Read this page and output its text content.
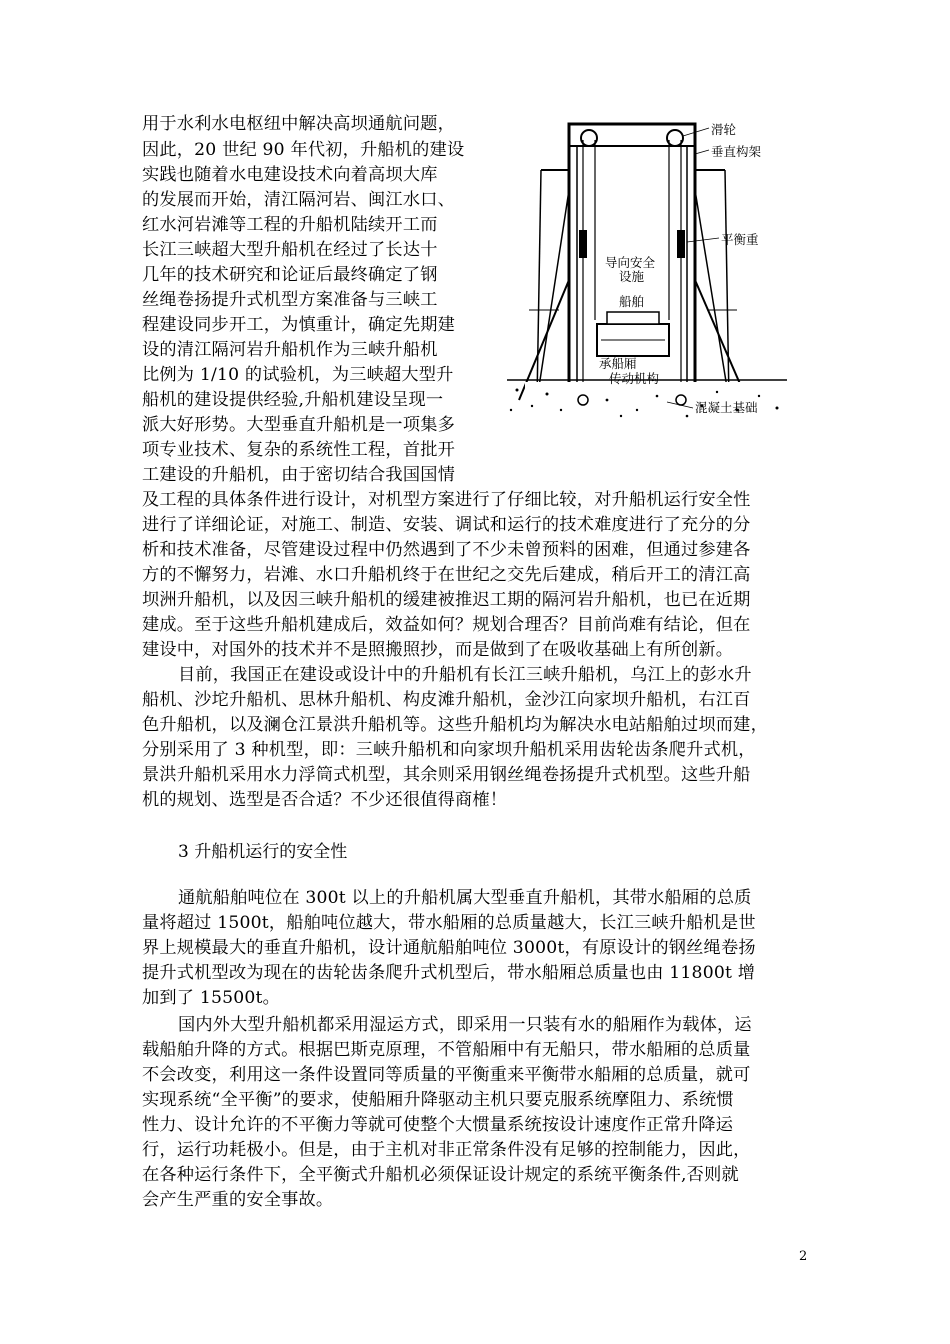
用于水利水电枢纽中解决高坝通航问题，
因此，20 世纪 90 年代初，升船机的建设
实践也随着水电建设技术向着高坝大库
的发展而开始，清江隔河岩、闽江水口、
红水河岩滩等工程的升船机陆续开工而
长江三峡超大型升船机在经过了长达十
几年的技术研究和论证后最终确定了钢
丝绳卷扬提升式机型方案准备与三峡工
程建设同步开工，为慎重计，确定先期建
设的清江隔河岩升船机作为三峡升船机
比例为 1/10 的试验机，为三峡超大型升
船机的建设提供经验,升船机建设呈现一
派大好形势。大型垂直升船机是一项集多
项专业技术、复杂的系统性工程，首批开
工建设的升船机，由于密切结合我国国情
及工程的具体条件进行设计，对机型方案进行了仔细比较，对升船机运行安全性
进行了详细论证，对施工、制造、安装、调试和运行的技术难度进行了充分的分
析和技术准备，尽管建设过程中仍然遇到了不少未曾预料的困难，但通过参建各
方的不懈努力，岩滩、水口升船机终于在世纪之交先后建成，稍后开工的清江高
坝洲升船机，以及因三峡升船机的缓建被推迟工期的隔河岩升船机，也已在近期
建成。至于这些升船机建成后，效益如何？规划合理否？目前尚难有结论，但在
建设中，对国外的技术并不是照搬照抄，而是做到了在吸收基础上有所创新。
目前，我国正在建设或设计中的升船机有长江三峡升船机，乌江上的彭水升
船机、沙坨升船机、思林升船机、构皮滩升船机，金沙江向家坝升船机，右江百
色升船机，以及澜仓江景洪升船机等。这些升船机均为解决水电站船舶过坝而建，
分别采用了 3 种机型，即：三峡升船机和向家坝升船机采用齿轮齿条爬升式机，
景洪升船机采用水力浮筒式机型，其余则采用钢丝绳卷扬提升式机型。这些升船
机的规划、选型是否合适？不少还很值得商榷！
3 升船机运行的安全性
通航船舶吨位在 300t 以上的升船机属大型垂直升船机，其带水船厢的总质
量将超过 1500t，船舶吨位越大，带水船厢的总质量越大，长江三峡升船机是世
界上规模最大的垂直升船机，设计通航船舶吨位 3000t，有原设计的钢丝绳卷扬
提升式机型改为现在的齿轮齿条爬升式机型后，带水船厢总质量也由 11800t 增
加到了 15500t。
国内外大型升船机都采用湿运方式，即采用一只装有水的船厢作为载体，运
载船舶升降的方式。根据巴斯克原理，不管船厢中有无船只，带水船厢的总质量
不会改变，利用这一条件设置同等质量的平衡重来平衡带水船厢的总质量，就可
实现系统“全平衡”的要求，使船厢升降驱动主机只要克服系统摩阻力、系统惯
性力、设计允许的不平衡力等就可使整个大惯量系统按设计速度作正常升降运
行，运行功耗极小。但是，由于主机对非正常条件没有足够的控制能力，因此，
在各种运行条件下，全平衡式升船机必须保证设计规定的系统平衡条件,否则就
会产生严重的安全事故。
滑轮
垂直构架
平衡重
导向安全
设施
船舶
承船厢
传动机构
混凝土基础
2
